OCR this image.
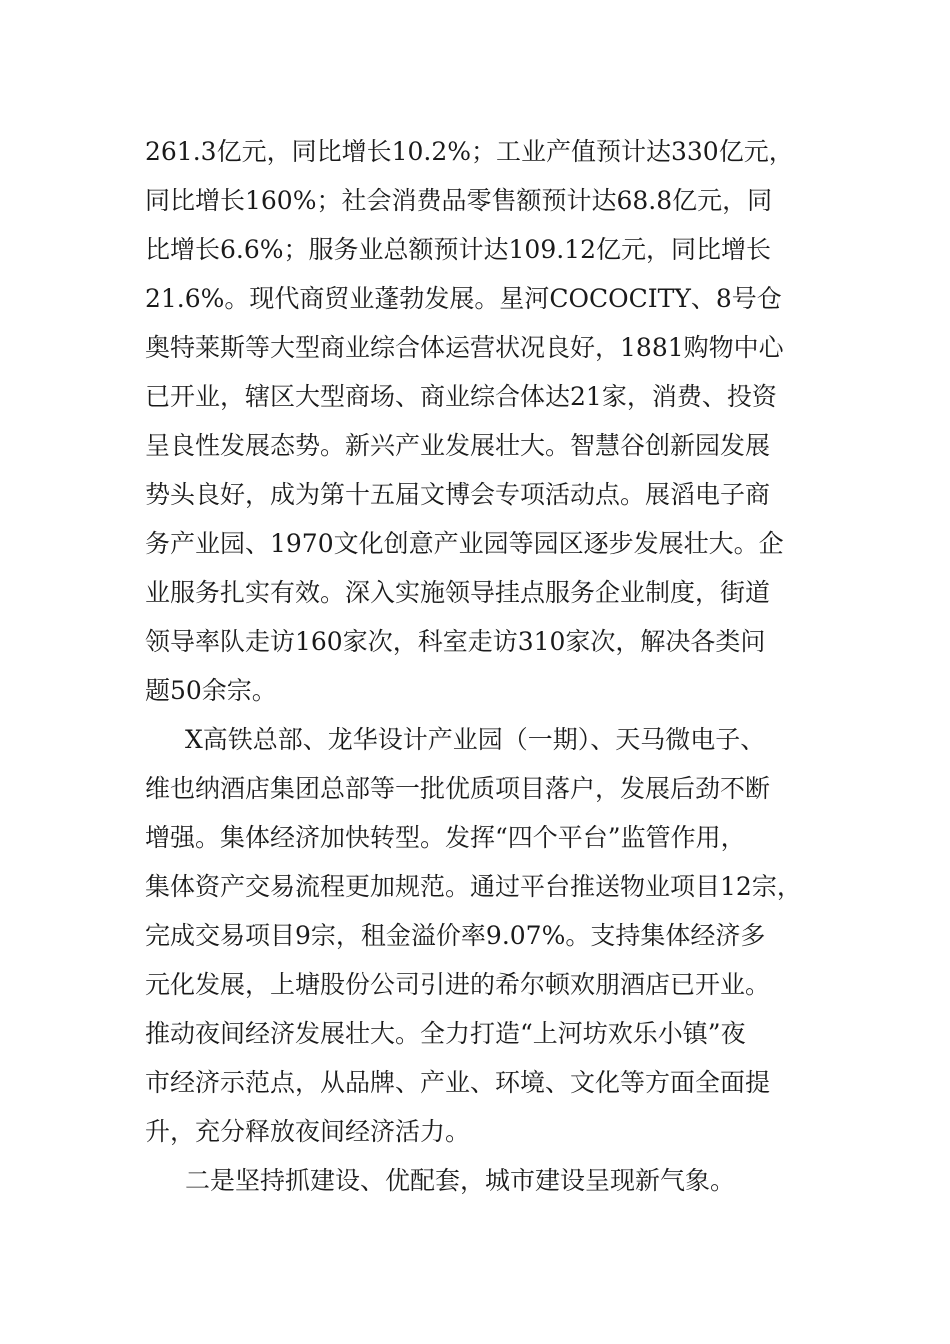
261.3亿元，同比增长10.2%；工业产值预计达330亿元，
同比增长160%；社会消费品零售额预计达68.8亿元，同
比增长6.6%；服务业总额预计达109.12亿元，同比增长
21.6%。现代商贸业蓬勃发展。星河COCOCITY、8号仓
奥特莱斯等大型商业综合体运营状况良好，1881购物中心
已开业，辖区大型商场、商业综合体达21家，消费、投资
呈良性发展态势。新兴产业发展壮大。智慧谷创新园发展
势头良好，成为第十五届文博会专项活动点。展滔电子商
务产业园、1970文化创意产业园等园区逐步发展壮大。企
业服务扎实有效。深入实施领导挂点服务企业制度，街道
领导率队走访160家次，科室走访310家次，解决各类问
题50余宗。
X高铁总部、龙华设计产业园（一期）、天马微电子、
维也纳酒店集团总部等一批优质项目落户，发展后劲不断
增强。集体经济加快转型。发挥“四个平台”监管作用，
集体资产交易流程更加规范。通过平台推送物业项目12宗，
完成交易项目9宗，租金溢价率9.07%。支持集体经济多
元化发展，上塘股份公司引进的希尔顿欢朋酒店已开业。
推动夜间经济发展壮大。全力打造“上河坊欢乐小镇”夜
市经济示范点，从品牌、产业、环境、文化等方面全面提
升，充分释放夜间经济活力。
二是坚持抓建设、优配套，城市建设呈现新气象。
